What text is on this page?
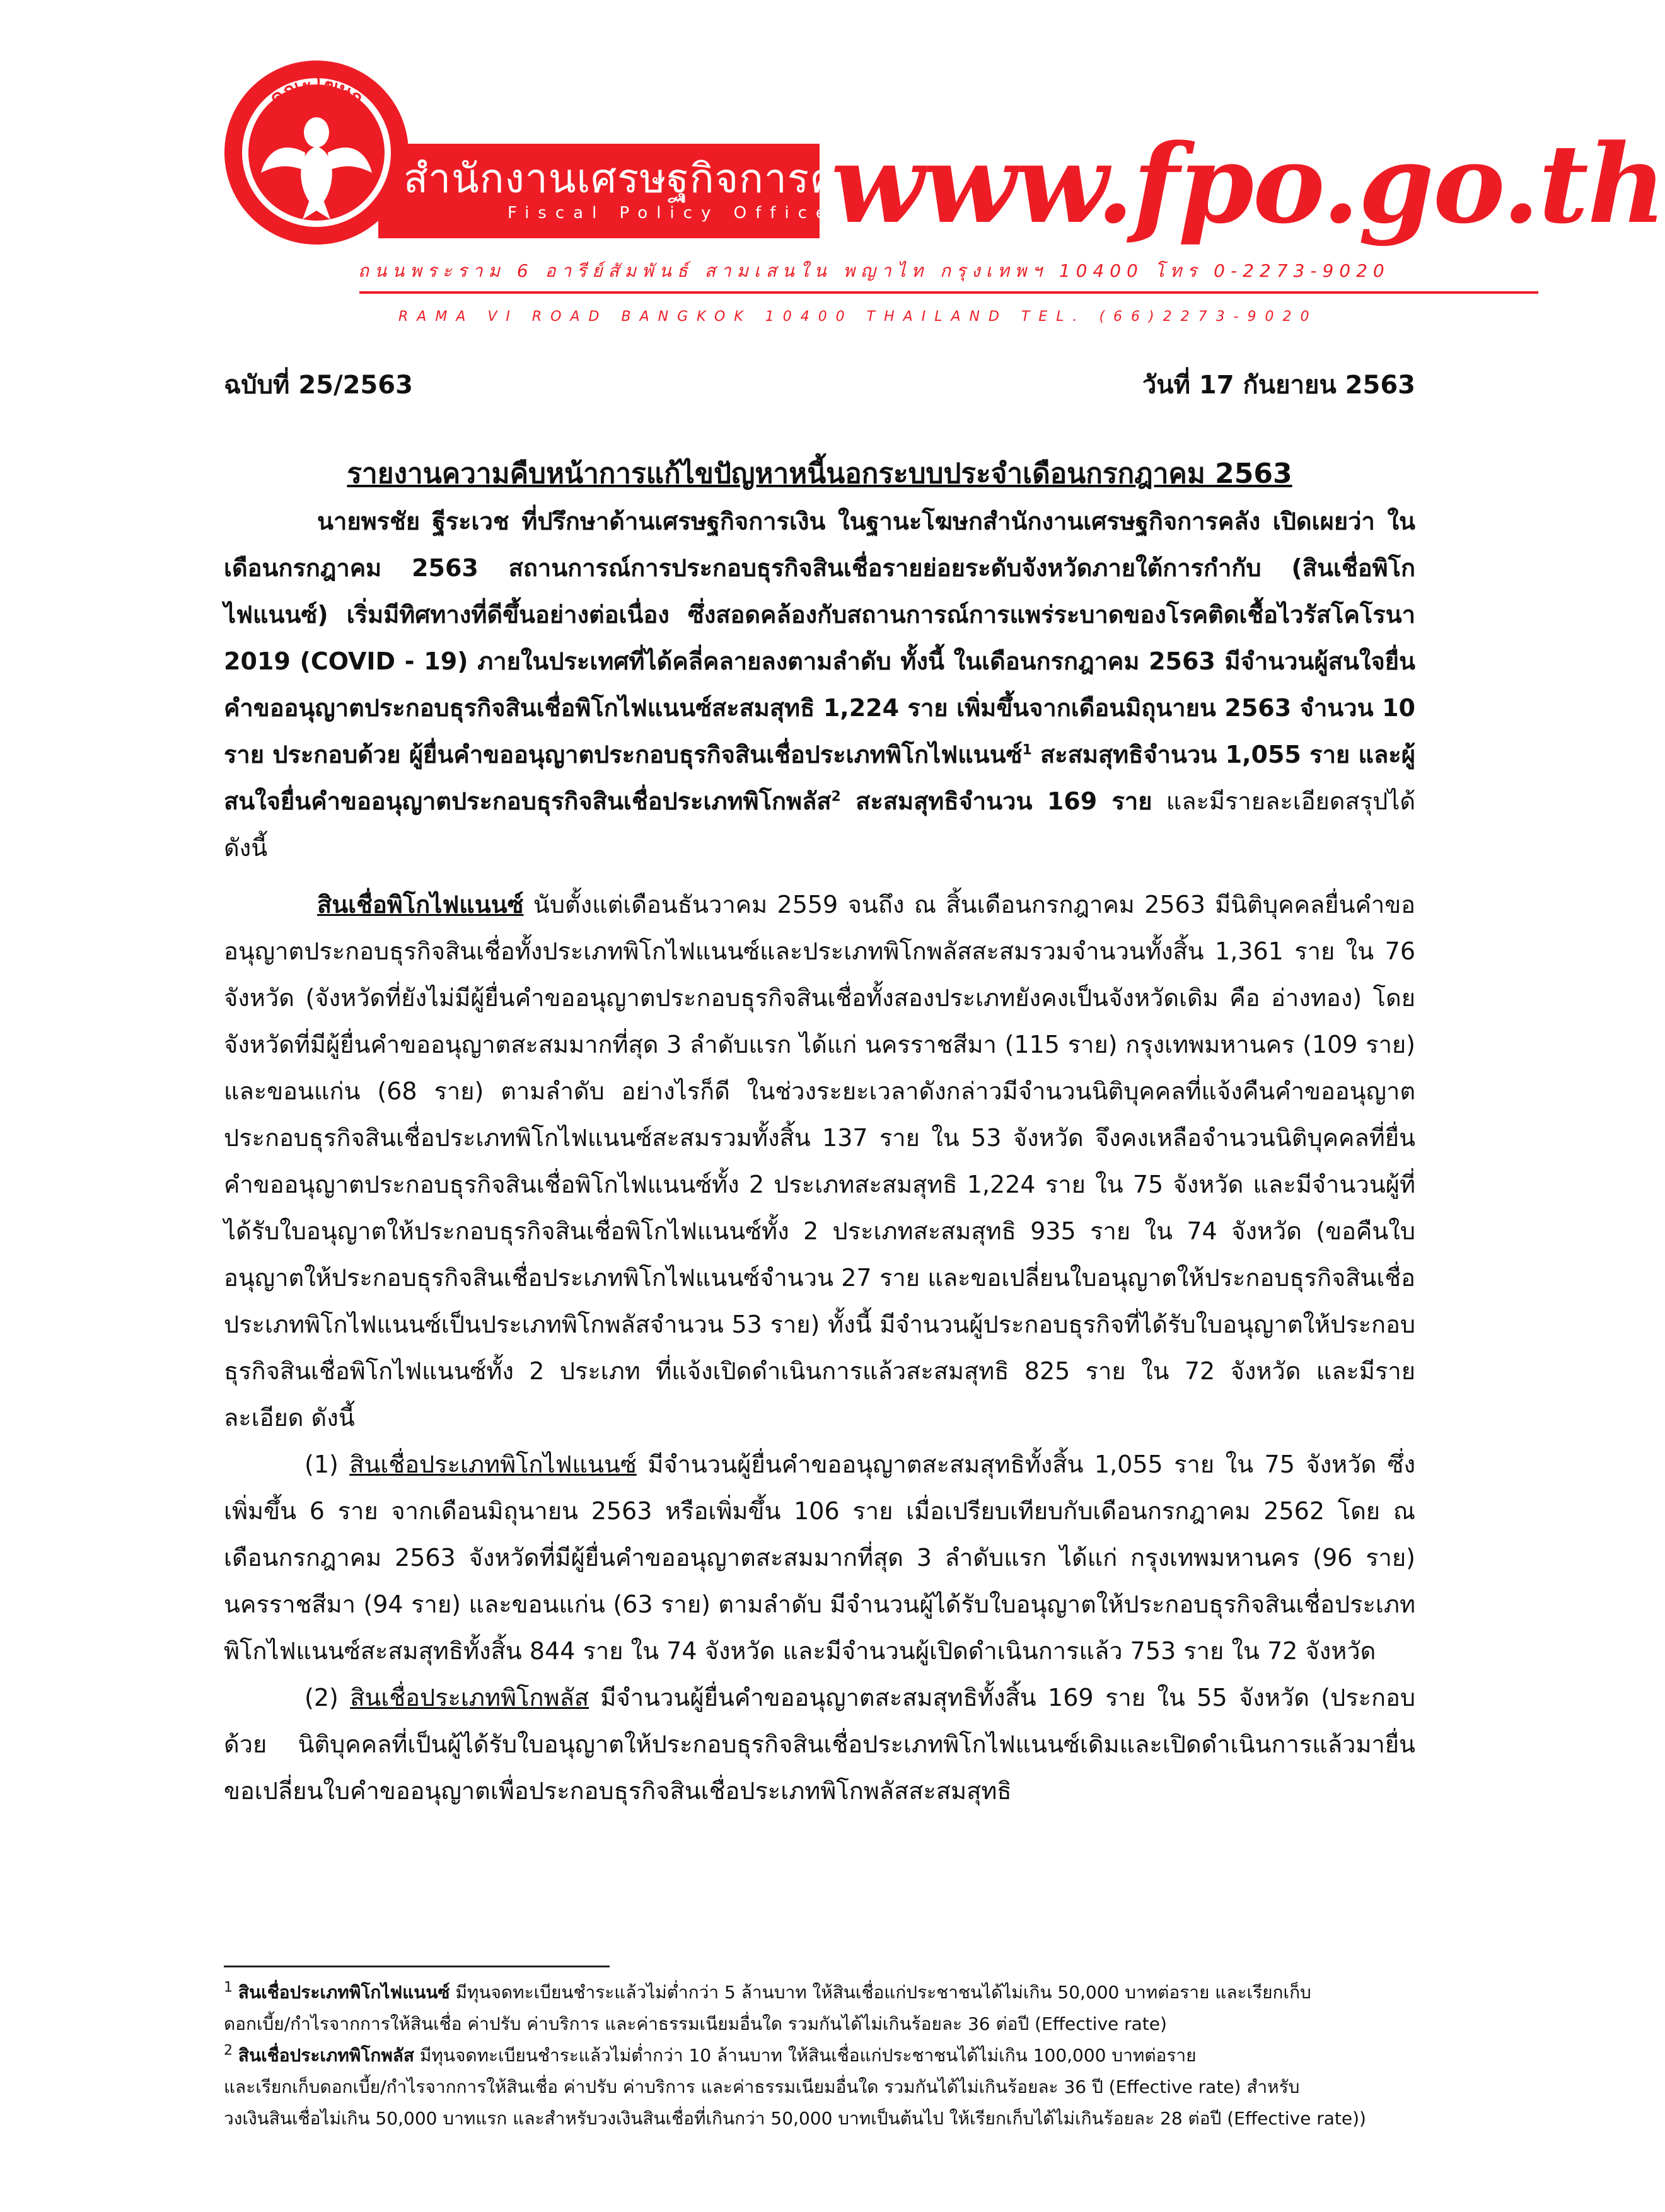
คณะโฆษก
สำนักงานเศรษฐกิจการคลัง
Fiscal Policy Office
www.fpo.go.th
ถนนพระราม 6 อารีย์สัมพันธ์ สามเสนใน พญาไท กรุงเทพฯ 10400 โทร 0-2273-9020
RAMA VI ROAD BANGKOK 10400 THAILAND TEL. (66)2273-9020
ฉบับที่ 25/2563	วันที่ 17 กันยายน 2563
รายงานความคืบหน้าการแก้ไขปัญหาหนี้นอกระบบประจำเดือนกรกฎาคม 2563

นายพรชัย ฐีระเวช ที่ปรึกษาด้านเศรษฐกิจการเงิน ในฐานะโฆษกสำนักงานเศรษฐกิจการคลัง เปิดเผยว่า ในเดือนกรกฎาคม 2563 สถานการณ์การประกอบธุรกิจสินเชื่อรายย่อยระดับจังหวัดภายใต้การกำกับ (สินเชื่อพิโกไฟแนนซ์) เริ่มมีทิศทางที่ดีขึ้นอย่างต่อเนื่อง ซึ่งสอดคล้องกับสถานการณ์การแพร่ระบาดของโรคติดเชื้อไวรัสโคโรนา 2019 (COVID - 19) ภายในประเทศที่ได้คลี่คลายลงตามลำดับ ทั้งนี้ ในเดือนกรกฎาคม 2563 มีจำนวนผู้สนใจยื่นคำขออนุญาตประกอบธุรกิจสินเชื่อพิโกไฟแนนซ์สะสมสุทธิ 1,224 ราย เพิ่มขึ้นจากเดือนมิถุนายน 2563 จำนวน 10 ราย ประกอบด้วย ผู้ยื่นคำขออนุญาตประกอบธุรกิจสินเชื่อประเภทพิโกไฟแนนซ์$^1$ สะสมสุทธิจำนวน 1,055 ราย และผู้สนใจยื่นคำขออนุญาตประกอบธุรกิจสินเชื่อประเภทพิโกพลัส$^2$ สะสมสุทธิจำนวน 169 ราย และมีรายละเอียดสรุปได้ ดังนี้

สินเชื่อพิโกไฟแนนซ์ นับตั้งแต่เดือนธันวาคม 2559 จนถึง ณ สิ้นเดือนกรกฎาคม 2563 มีนิติบุคคลยื่นคำขออนุญาตประกอบธุรกิจสินเชื่อทั้งประเภทพิโกไฟแนนซ์และประเภทพิโกพลัสสะสมรวมจำนวนทั้งสิ้น 1,361 ราย ใน 76 จังหวัด (จังหวัดที่ยังไม่มีผู้ยื่นคำขออนุญาตประกอบธุรกิจสินเชื่อทั้งสองประเภทยังคงเป็นจังหวัดเดิม คือ อ่างทอง) โดยจังหวัดที่มีผู้ยื่นคำขออนุญาตสะสมมากที่สุด 3 ลำดับแรก ได้แก่ นครราชสีมา (115 ราย) กรุงเทพมหานคร (109 ราย) และขอนแก่น (68 ราย) ตามลำดับ อย่างไรก็ดี ในช่วงระยะเวลาดังกล่าวมีจำนวนนิติบุคคลที่แจ้งคืนคำขออนุญาตประกอบธุรกิจสินเชื่อประเภทพิโกไฟแนนซ์สะสมรวมทั้งสิ้น 137 ราย ใน 53 จังหวัด จึงคงเหลือจำนวนนิติบุคคลที่ยื่นคำขออนุญาตประกอบธุรกิจสินเชื่อพิโกไฟแนนซ์ทั้ง 2 ประเภทสะสมสุทธิ 1,224 ราย ใน 75 จังหวัด และมีจำนวนผู้ที่ได้รับใบอนุญาตให้ประกอบธุรกิจสินเชื่อพิโกไฟแนนซ์ทั้ง 2 ประเภทสะสมสุทธิ 935 ราย ใน 74 จังหวัด (ขอคืนใบอนุญาตให้ประกอบธุรกิจสินเชื่อประเภทพิโกไฟแนนซ์จำนวน 27 ราย และขอเปลี่ยนใบอนุญาตให้ประกอบธุรกิจสินเชื่อประเภทพิโกไฟแนนซ์เป็นประเภทพิโกพลัสจำนวน 53 ราย) ทั้งนี้ มีจำนวนผู้ประกอบธุรกิจที่ได้รับใบอนุญาตให้ประกอบธุรกิจสินเชื่อพิโกไฟแนนซ์ทั้ง 2 ประเภท ที่แจ้งเปิดดำเนินการแล้วสะสมสุทธิ 825 ราย ใน 72 จังหวัด และมีรายละเอียด ดังนี้

(1) สินเชื่อประเภทพิโกไฟแนนซ์ มีจำนวนผู้ยื่นคำขออนุญาตสะสมสุทธิทั้งสิ้น 1,055 ราย ใน 75 จังหวัด ซึ่งเพิ่มขึ้น 6 ราย จากเดือนมิถุนายน 2563 หรือเพิ่มขึ้น 106 ราย เมื่อเปรียบเทียบกับเดือนกรกฎาคม 2562 โดย ณ เดือนกรกฎาคม 2563 จังหวัดที่มีผู้ยื่นคำขออนุญาตสะสมมากที่สุด 3 ลำดับแรก ได้แก่ กรุงเทพมหานคร (96 ราย) นครราชสีมา (94 ราย) และขอนแก่น (63 ราย) ตามลำดับ มีจำนวนผู้ได้รับใบอนุญาตให้ประกอบธุรกิจสินเชื่อประเภทพิโกไฟแนนซ์สะสมสุทธิทั้งสิ้น 844 ราย ใน 74 จังหวัด และมีจำนวนผู้เปิดดำเนินการแล้ว 753 ราย ใน 72 จังหวัด

(2) สินเชื่อประเภทพิโกพลัส มีจำนวนผู้ยื่นคำขออนุญาตสะสมสุทธิทั้งสิ้น 169 ราย ใน 55 จังหวัด (ประกอบด้วย นิติบุคคลที่เป็นผู้ได้รับใบอนุญาตให้ประกอบธุรกิจสินเชื่อประเภทพิโกไฟแนนซ์เดิมและเปิดดำเนินการแล้วมายื่นขอเปลี่ยนใบคำขออนุญาตเพื่อประกอบธุรกิจสินเชื่อประเภทพิโกพลัสสะสมสุทธิ

$^1$ สินเชื่อประเภทพิโกไฟแนนซ์ มีทุนจดทะเบียนชำระแล้วไม่ต่ำกว่า 5 ล้านบาท ให้สินเชื่อแก่ประชาชนได้ไม่เกิน 50,000 บาทต่อราย และเรียกเก็บ

ดอกเบี้ย/กำไรจากการให้สินเชื่อ ค่าปรับ ค่าบริการ และค่าธรรมเนียมอื่นใด รวมกันได้ไม่เกินร้อยละ 36 ต่อปี (Effective rate)

$^2$ สินเชื่อประเภทพิโกพลัส มีทุนจดทะเบียนชำระแล้วไม่ต่ำกว่า 10 ล้านบาท ให้สินเชื่อแก่ประชาชนได้ไม่เกิน 100,000 บาทต่อราย

และเรียกเก็บดอกเบี้ย/กำไรจากการให้สินเชื่อ ค่าปรับ ค่าบริการ และค่าธรรมเนียมอื่นใด รวมกันได้ไม่เกินร้อยละ 36 ปี (Effective rate) สำหรับ

วงเงินสินเชื่อไม่เกิน 50,000 บาทแรก และสำหรับวงเงินสินเชื่อที่เกินกว่า 50,000 บาทเป็นต้นไป ให้เรียกเก็บได้ไม่เกินร้อยละ 28 ต่อปี (Effective rate))
